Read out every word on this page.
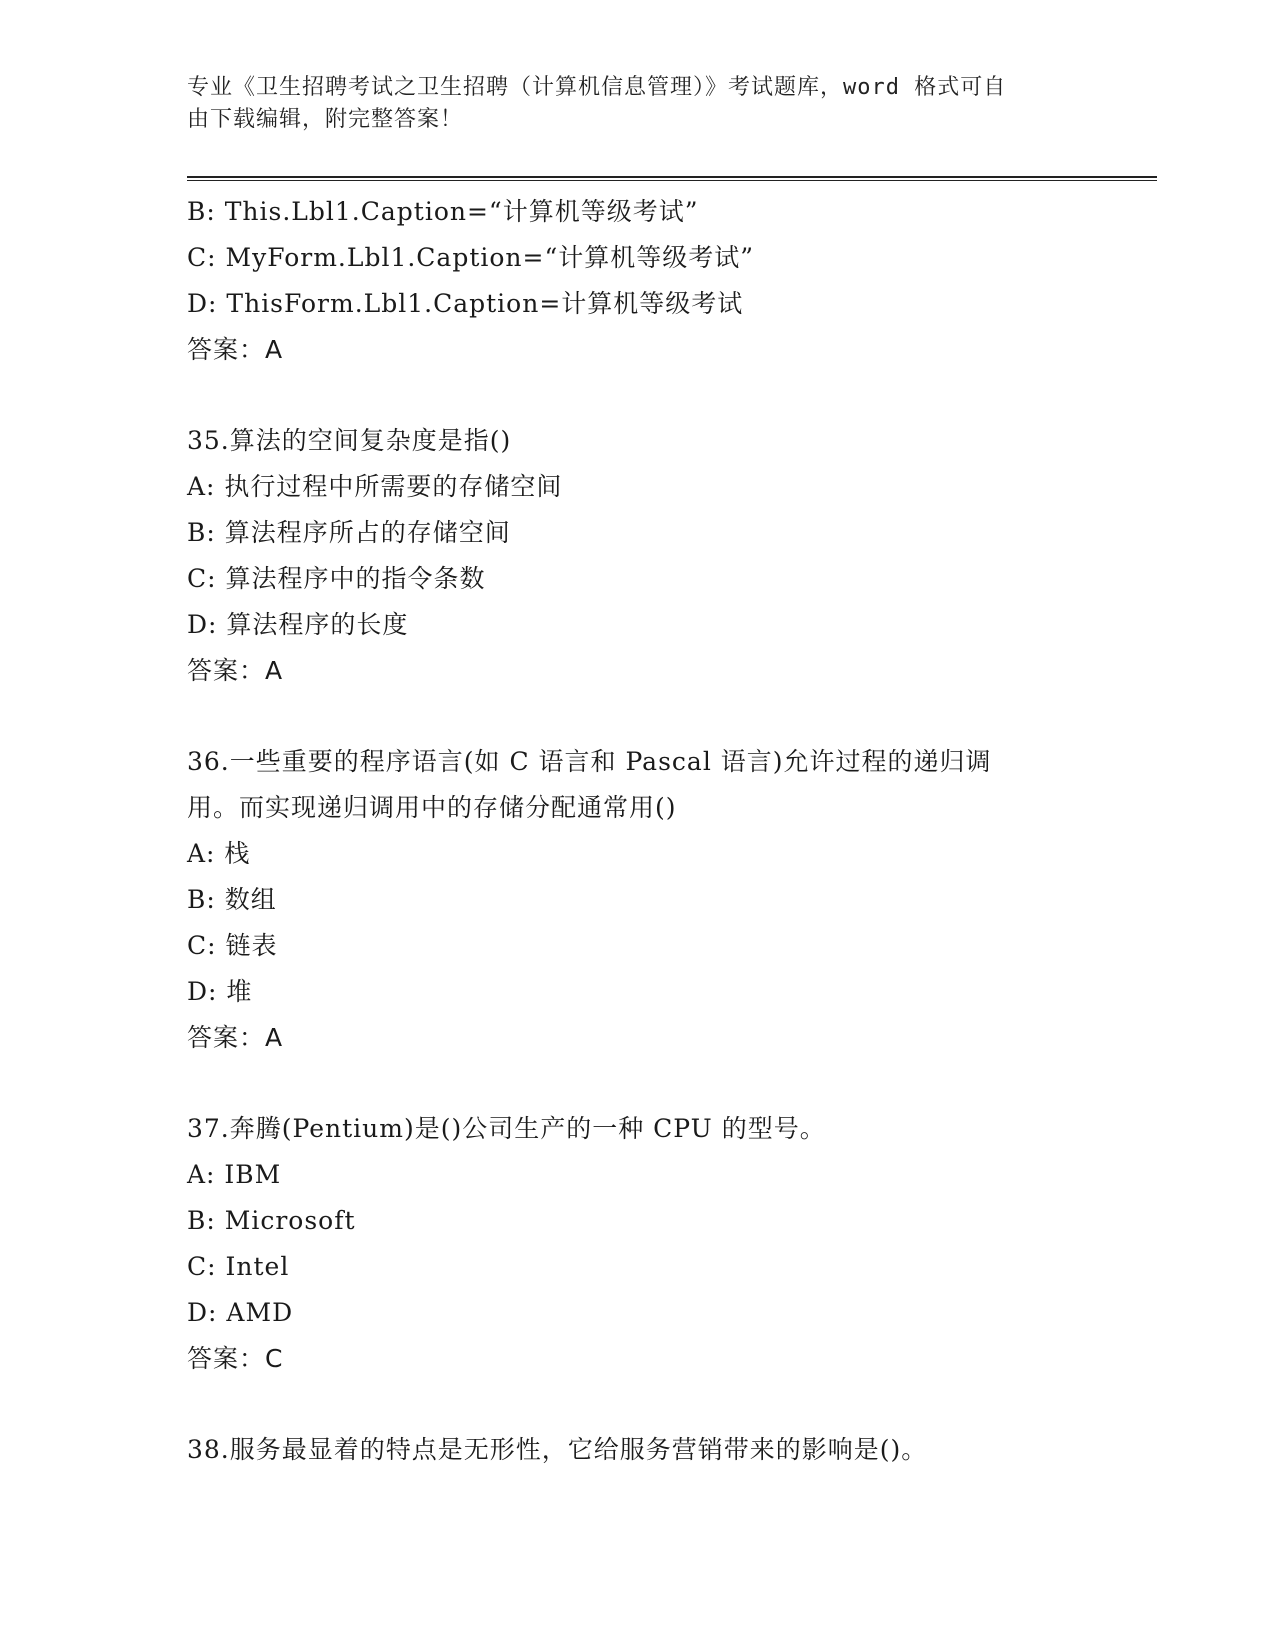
专业《卫生招聘考试之卫生招聘（计算机信息管理）》考试题库，word 格式可自
由下载编辑，附完整答案！
B: This.Lbl1.Caption=“计算机等级考试”
C: MyForm.Lbl1.Caption=“计算机等级考试”
D: ThisForm.Lbl1.Caption=计算机等级考试
答案：A
35.算法的空间复杂度是指()
A: 执行过程中所需要的存储空间
B: 算法程序所占的存储空间
C: 算法程序中的指令条数
D: 算法程序的长度
答案：A
36.一些重要的程序语言(如 C 语言和 Pascal 语言)允许过程的递归调
用。而实现递归调用中的存储分配通常用()
A: 栈
B: 数组
C: 链表
D: 堆
答案：A
37.奔腾(Pentium)是()公司生产的一种 CPU 的型号。
A: IBM
B: Microsoft
C: Intel
D: AMD
答案：C
38.服务最显着的特点是无形性，它给服务营销带来的影响是()。
